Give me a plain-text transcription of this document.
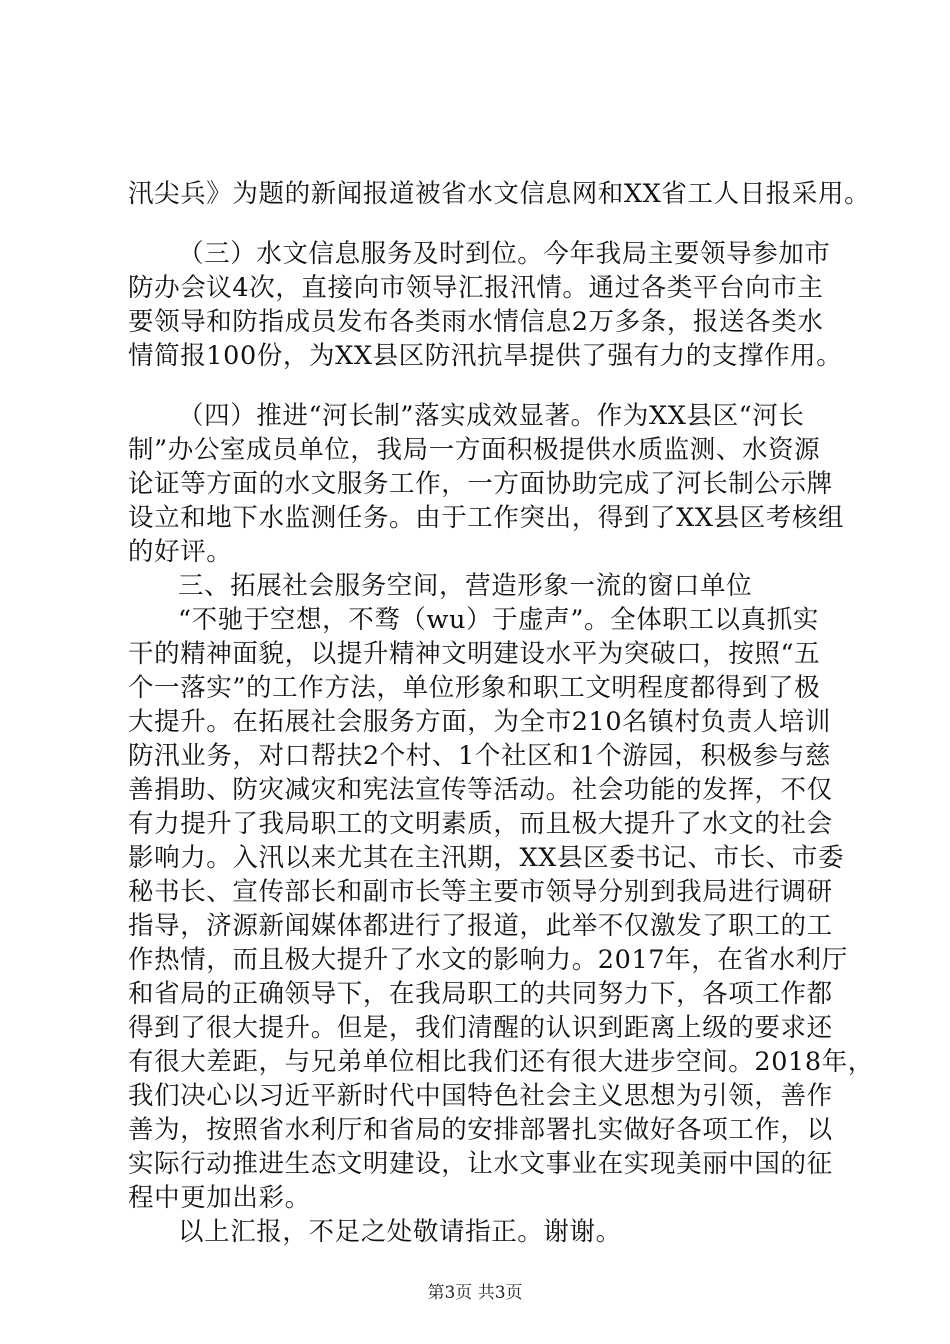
汛尖兵》为题的新闻报道被省水文信息网和XX省工人日报采用。
（三）水文信息服务及时到位。今年我局主要领导参加市
防办会议4次，直接向市领导汇报汛情。通过各类平台向市主
要领导和防指成员发布各类雨水情信息2万多条，报送各类水
情简报100份，为XX县区防汛抗旱提供了强有力的支撑作用。
（四）推进“河长制”落实成效显著。作为XX县区“河长
制”办公室成员单位，我局一方面积极提供水质监测、水资源
论证等方面的水文服务工作，一方面协助完成了河长制公示牌
设立和地下水监测任务。由于工作突出，得到了XX县区考核组
的好评。
三、拓展社会服务空间，营造形象一流的窗口单位
“不驰于空想，不骛（wu）于虚声”。全体职工以真抓实
干的精神面貌，以提升精神文明建设水平为突破口，按照“五
个一落实”的工作方法，单位形象和职工文明程度都得到了极
大提升。在拓展社会服务方面，为全市210名镇村负责人培训
防汛业务，对口帮扶2个村、1个社区和1个游园，积极参与慈
善捐助、防灾减灾和宪法宣传等活动。社会功能的发挥，不仅
有力提升了我局职工的文明素质，而且极大提升了水文的社会
影响力。入汛以来尤其在主汛期，XX县区委书记、市长、市委
秘书长、宣传部长和副市长等主要市领导分别到我局进行调研
指导，济源新闻媒体都进行了报道，此举不仅激发了职工的工
作热情，而且极大提升了水文的影响力。2017年，在省水利厅
和省局的正确领导下，在我局职工的共同努力下，各项工作都
得到了很大提升。但是，我们清醒的认识到距离上级的要求还
有很大差距，与兄弟单位相比我们还有很大进步空间。2018年，
我们决心以习近平新时代中国特色社会主义思想为引领，善作
善为，按照省水利厅和省局的安排部署扎实做好各项工作，以
实际行动推进生态文明建设，让水文事业在实现美丽中国的征
程中更加出彩。
以上汇报，不足之处敬请指正。谢谢。
第3页 共3页
